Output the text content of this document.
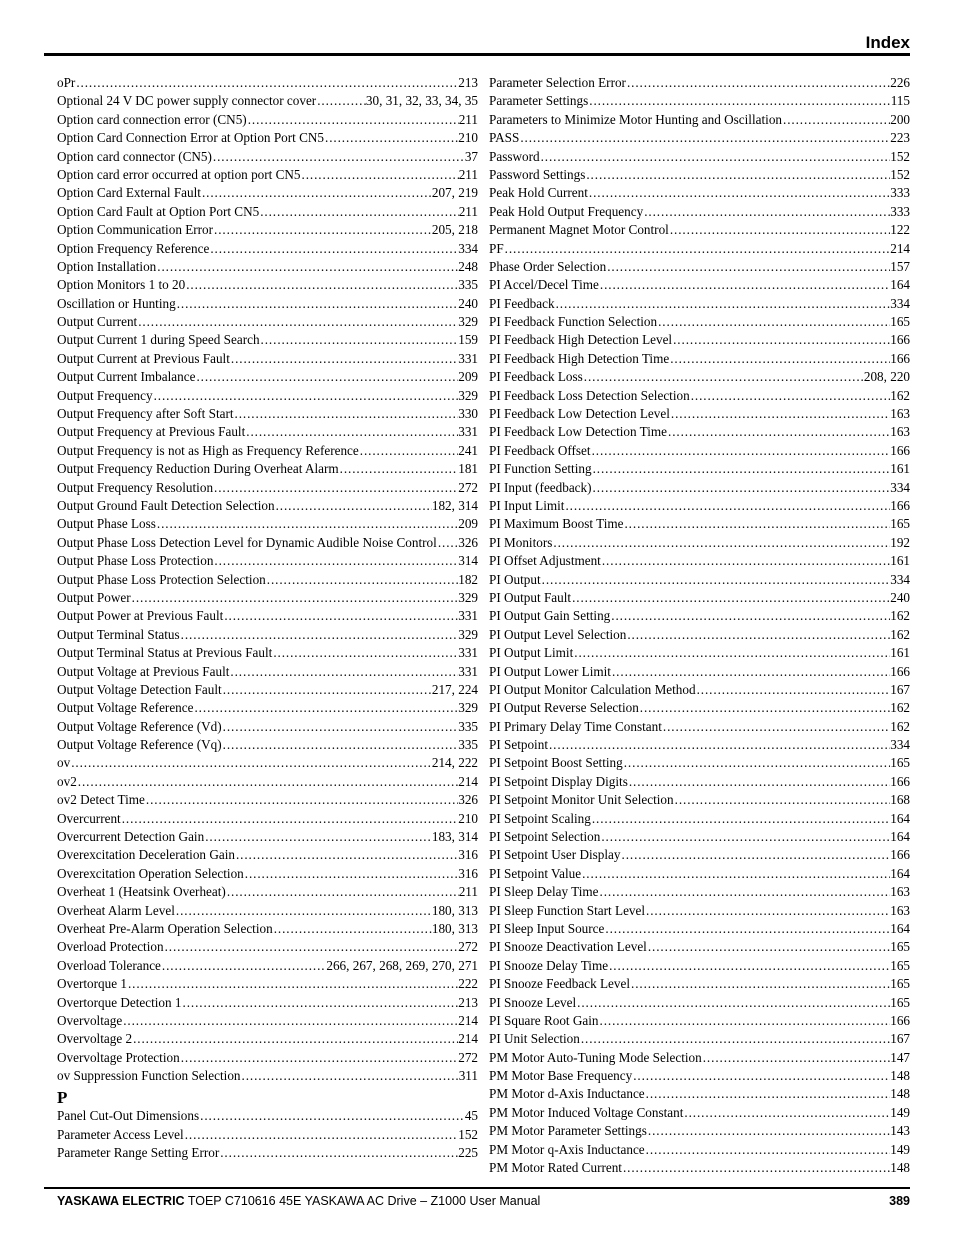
Index
oPr . . .	213
Optional 24 V DC power supply connector cover . . .	30, 31, 32, 33, 34, 35
Option card connection error (CN5) . . .	211
Option Card Connection Error at Option Port CN5 . . .	210
Option card connector (CN5) . . .	37
Option card error occurred at option port CN5 . . .	211
Option Card External Fault . . .	207, 219
Option Card Fault at Option Port CN5 . . .	211
Option Communication Error . . .	205, 218
Option Frequency Reference . . .	334
Option Installation . . .	248
Option Monitors 1 to 20 . . .	335
Oscillation or Hunting . . .	240
Output Current . . .	329
Output Current 1 during Speed Search . . .	159
Output Current at Previous Fault . . .	331
Output Current Imbalance . . .	209
Output Frequency . . .	329
Output Frequency after Soft Start . . .	330
Output Frequency at Previous Fault . . .	331
Output Frequency is not as High as Frequency Reference . . .	241
Output Frequency Reduction During Overheat Alarm . . .	181
Output Frequency Resolution . . .	272
Output Ground Fault Detection Selection . . .	182, 314
Output Phase Loss . . .	209
Output Phase Loss Detection Level for Dynamic Audible Noise Control . . . 326
Output Phase Loss Protection . . .	314
Output Phase Loss Protection Selection . . .	182
Output Power . . .	329
Output Power at Previous Fault . . .	331
Output Terminal Status . . .	329
Output Terminal Status at Previous Fault . . .	331
Output Voltage at Previous Fault . . .	331
Output Voltage Detection Fault . . .	217, 224
Output Voltage Reference . . .	329
Output Voltage Reference (Vd) . . .	335
Output Voltage Reference (Vq) . . .	335
ov . . .	214, 222
ov2 . . .	214
ov2 Detect Time . . .	326
Overcurrent . . .	210
Overcurrent Detection Gain . . .	183, 314
Overexcitation Deceleration Gain . . .	316
Overexcitation Operation Selection . . .	316
Overheat 1 (Heatsink Overheat) . . .	211
Overheat Alarm Level . . .	180, 313
Overheat Pre-Alarm Operation Selection . . .	180, 313
Overload Protection . . .	272
Overload Tolerance . . .	266, 267, 268, 269, 270, 271
Overtorque 1 . . .	222
Overtorque Detection 1 . . .	213
Overvoltage . . .	214
Overvoltage 2 . . .	214
Overvoltage Protection . . .	272
ov Suppression Function Selection . . .	311
P
Panel Cut-Out Dimensions . . .	45
Parameter Access Level . . .	152
Parameter Range Setting Error . . .	225
Parameter Selection Error . . .	226
Parameter Settings . . .	115
Parameters to Minimize Motor Hunting and Oscillation . . .	200
PASS . . .	223
Password . . .	152
Password Settings . . .	152
Peak Hold Current . . .	333
Peak Hold Output Frequency . . .	333
Permanent Magnet Motor Control . . .	122
PF . . .	214
Phase Order Selection . . .	157
PI Accel/Decel Time . . .	164
PI Feedback . . .	334
PI Feedback Function Selection . . .	165
PI Feedback High Detection Level . . .	166
PI Feedback High Detection Time . . .	166
PI Feedback Loss . . .	208, 220
PI Feedback Loss Detection Selection . . .	162
PI Feedback Low Detection Level . . .	163
PI Feedback Low Detection Time . . .	163
PI Feedback Offset . . .	166
PI Function Setting . . .	161
PI Input (feedback) . . .	334
PI Input Limit . . .	166
PI Maximum Boost Time . . .	165
PI Monitors . . .	192
PI Offset Adjustment . . .	161
PI Output . . .	334
PI Output Fault . . .	240
PI Output Gain Setting . . .	162
PI Output Level Selection . . .	162
PI Output Limit . . .	161
PI Output Lower Limit . . .	166
PI Output Monitor Calculation Method . . .	167
PI Output Reverse Selection . . .	162
PI Primary Delay Time Constant . . .	162
PI Setpoint . . .	334
PI Setpoint Boost Setting . . .	165
PI Setpoint Display Digits . . .	166
PI Setpoint Monitor Unit Selection . . .	168
PI Setpoint Scaling . . .	164
PI Setpoint Selection . . .	164
PI Setpoint User Display . . .	166
PI Setpoint Value . . .	164
PI Sleep Delay Time . . .	163
PI Sleep Function Start Level . . .	163
PI Sleep Input Source . . .	164
PI Snooze Deactivation Level . . .	165
PI Snooze Delay Time . . .	165
PI Snooze Feedback Level . . .	165
PI Snooze Level . . .	165
PI Square Root Gain . . .	166
PI Unit Selection . . .	167
PM Motor Auto-Tuning Mode Selection . . .	147
PM Motor Base Frequency . . .	148
PM Motor d-Axis Inductance . . .	148
PM Motor Induced Voltage Constant . . .	149
PM Motor Parameter Settings . . .	143
PM Motor q-Axis Inductance . . .	149
PM Motor Rated Current . . .	148
YASKAWA ELECTRIC TOEP C710616 45E YASKAWA AC Drive – Z1000 User Manual	389
